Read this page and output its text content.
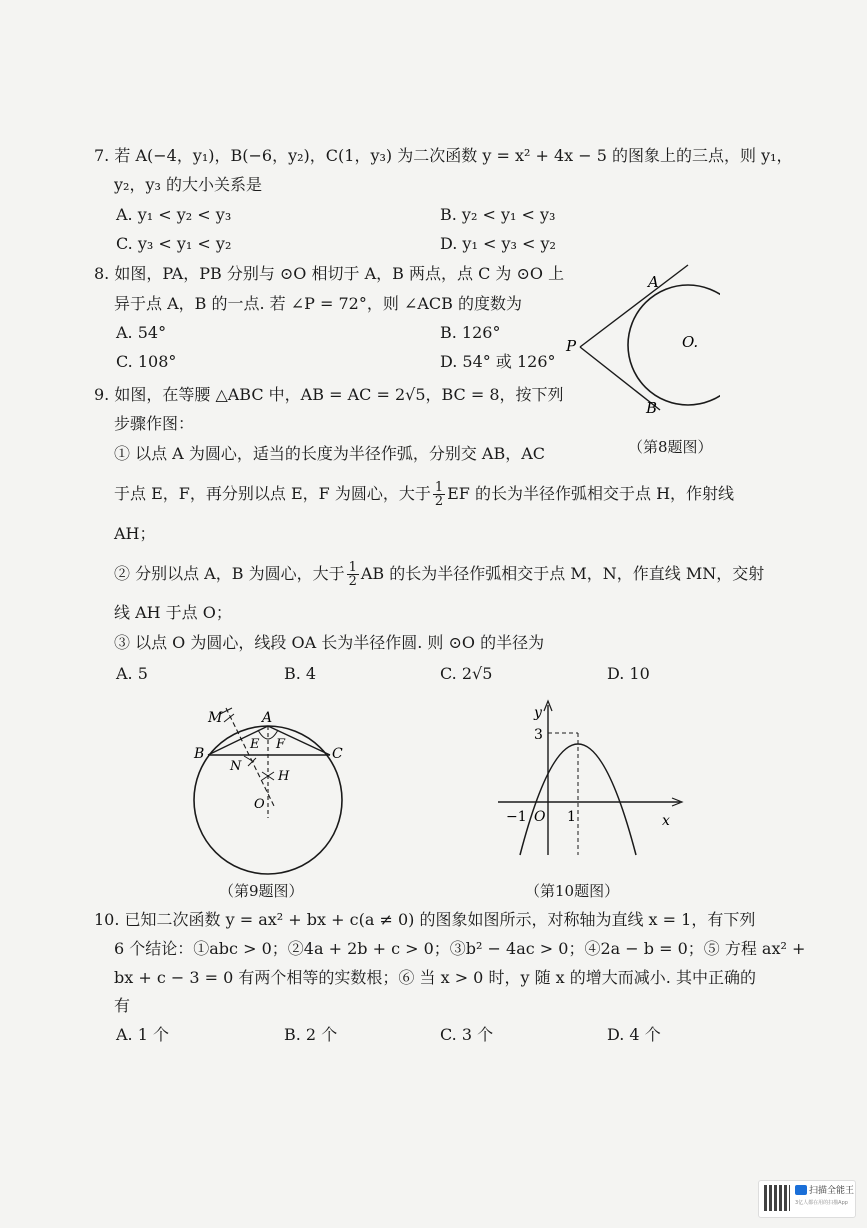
7. 若 A(−4，y₁)，B(−6，y₂)，C(1，y₃) 为二次函数 y = x² + 4x − 5 的图象上的三点，则 y₁，
y₂，y₃ 的大小关系是
A. y₁ < y₂ < y₃	B. y₂ < y₁ < y₃
C. y₃ < y₁ < y₂	D. y₁ < y₃ < y₂
8. 如图，PA，PB 分别与 ⊙O 相切于 A，B 两点，点 C 为 ⊙O 上
异于点 A，B 的一点. 若 ∠P = 72°，则 ∠ACB 的度数为
A. 54°	B. 126°
C. 108°	D. 54° 或 126°
A
B
P	O.
（第8题图）
9. 如图，在等腰 △ABC 中，AB = AC = 2√5，BC = 8，按下列
步骤作图：
① 以点 A 为圆心，适当的长度为半径作弧，分别交 AB，AC
于点 E，F，再分别以点 E，F 为圆心，大于 $\frac{1}{2}$ EF 的长为半径作弧相交于点 H，作射线
AH；
② 分别以点 A，B 为圆心，大于 $\frac{1}{2}$ AB 的长为半径作弧相交于点 M，N，作直线 MN，交射
线 AH 于点 O；
③ 以点 O 为圆心，线段 OA 长为半径作圆. 则 ⊙O 的半径为
A. 5	B. 4	C. 2√5	D. 10
M	A
B	C
E F
N
H
O
（第9题图）
y
x
3
−1 O 1
（第10题图）
10. 已知二次函数 y = ax² + bx + c(a ≠ 0) 的图象如图所示，对称轴为直线 x = 1，有下列
6 个结论：①abc > 0；②4a + 2b + c > 0；③b² − 4ac > 0；④2a − b = 0；⑤ 方程 ax² +
bx + c − 3 = 0 有两个相等的实数根；⑥ 当 x > 0 时，y 随 x 的增大而减小. 其中正确的
有
A. 1 个	B. 2 个	C. 3 个	D. 4 个
扫描全能王
3亿人都在用的扫描App
